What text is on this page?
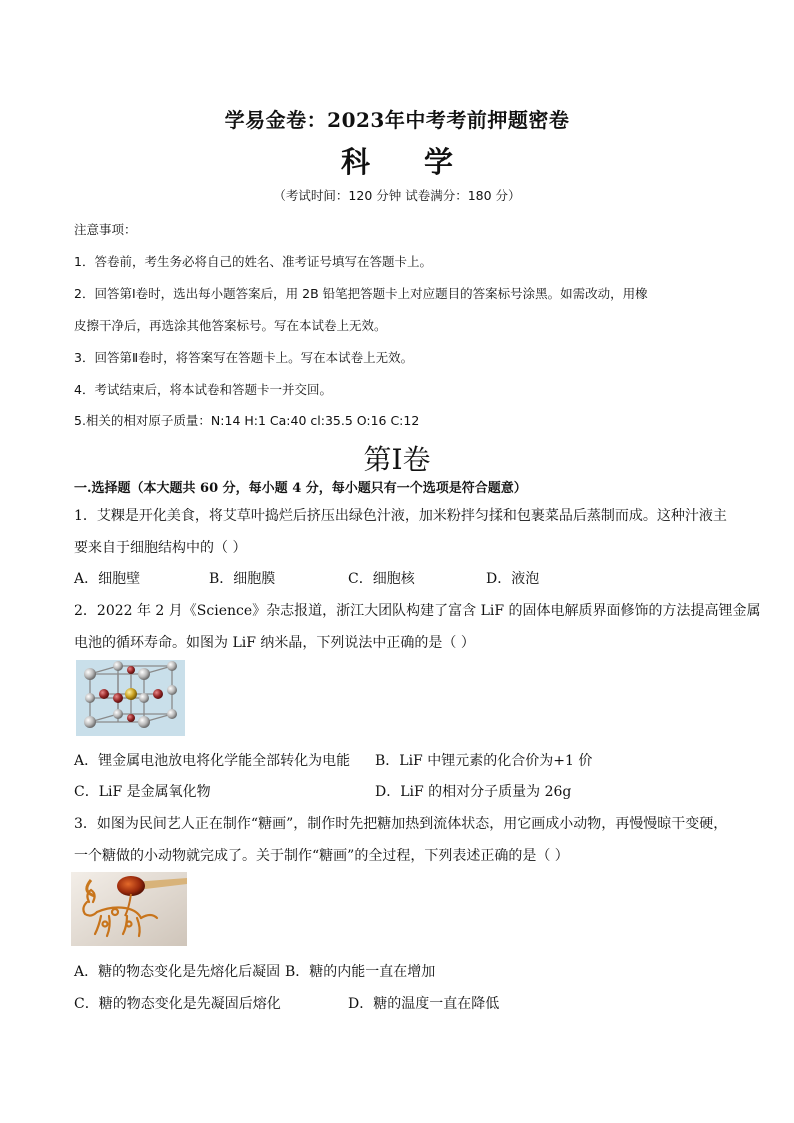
学易金卷：2023年中考考前押题密卷
科 学
（考试时间：120 分钟 试卷满分：180 分）
注意事项：
1．答卷前，考生务必将自己的姓名、准考证号填写在答题卡上。
2．回答第Ⅰ卷时，选出每小题答案后，用 2B 铅笔把答题卡上对应题目的答案标号涂黑。如需改动，用橡
皮擦干净后，再选涂其他答案标号。写在本试卷上无效。
3．回答第Ⅱ卷时，将答案写在答题卡上。写在本试卷上无效。
4．考试结束后，将本试卷和答题卡一并交回。
5.相关的相对原子质量：N:14 H:1 Ca:40 cl:35.5 O:16 C:12
第Ⅰ卷
一.选择题（本大题共 60 分，每小题 4 分，每小题只有一个选项是符合题意）
1．艾粿是开化美食，将艾草叶捣烂后挤压出绿色汁液，加米粉拌匀揉和包裹菜品后蒸制而成。这种汁液主
要来自于细胞结构中的（ ）
A．细胞壁	B．细胞膜	C．细胞核	D．液泡
2．2022 年 2 月《Science》杂志报道，浙江大团队构建了富含 LiF 的固体电解质界面修饰的方法提高锂金属
电池的循环寿命。如图为 LiF 纳米晶，下列说法中正确的是（ ）
A．锂金属电池放电将化学能全部转化为电能 B．LiF 中锂元素的化合价为+1 价
C．LiF 是金属氧化物	D．LiF 的相对分子质量为 26g
3．如图为民间艺人正在制作“糖画”，制作时先把糖加热到流体状态，用它画成小动物，再慢慢晾干变硬，
一个糖做的小动物就完成了。关于制作“糖画”的全过程，下列表述正确的是（ ）
A．糖的物态变化是先熔化后凝固 B．糖的内能一直在增加
C．糖的物态变化是先凝固后熔化	D．糖的温度一直在降低
